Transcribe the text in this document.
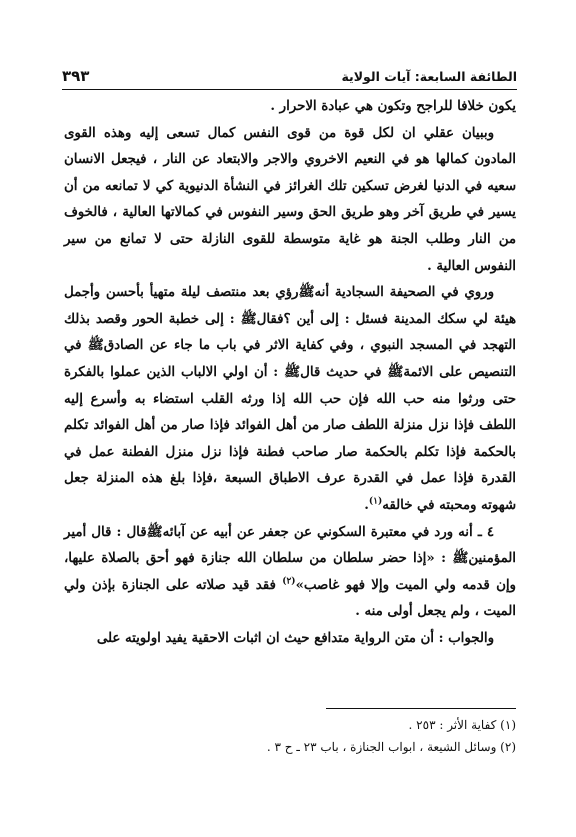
الطائفة السابعة: آيات الولاية
٣٩٣

يكون خلافا للراجح وتكون هي عبادة الاحرار .

وببيان عقلي ان لكل قوة من قوى النفس كمال تسعى إليه وهذه القوى المادون كمالها هو في النعيم الاخروي والاجر والابتعاد عن النار ، فيجعل الانسان سعيه في الدنيا لغرض تسكين تلك الغرائز في النشأة الدنيوية كي لا تمانعه من أن يسير في طريق آخر وهو طريق الحق وسير النفوس في كمالاتها العالية ، فالخوف من النار وطلب الجنة هو غاية متوسطة للقوى النازلة حتى لا تمانع من سير النفوس العالية .

وروي في الصحيفة السجادية أنهﷺرؤي بعد منتصف ليلة متهيأ بأحسن وأجمل هيئة لي سكك المدينة فسئل : إلى أين ؟فقالﷺ : إلى خطبة الحور وقصد بذلك التهجد في المسجد النبوي ، وفي كفاية الاثر في باب ما جاء عن الصادقﷺ في التنصيص على الائمةﷺ في حديث قالﷺ : أن اولي الالباب الذين عملوا بالفكرة حتى ورثوا منه حب الله فإن حب الله إذا ورثه القلب استضاء به وأسرع إليه اللطف فإذا نزل منزلة اللطف صار من أهل الفوائد فإذا صار من أهل الفوائد تكلم بالحكمة فإذا تكلم بالحكمة صار صاحب فطنة فإذا نزل منزل الفطنة عمل في القدرة فإذا عمل في القدرة عرف الاطباق السبعة ،فإذا بلغ هذه المنزلة جعل شهوته ومحبته في خالقه$^{(١)}$.

٤ ـ أنه ورد في معتبرة السكوني عن جعفر عن أبيه عن آبائهﷺقال : قال أمير المؤمنينﷺ : «إذا حضر سلطان من سلطان الله جنازة فهو أحق بالصلاة عليها، وإن قدمه ولي الميت وإلا فهو غاصب»$^{(٢)}$ فقد قيد صلاته على الجنازة بإذن ولي الميت ، ولم يجعل أولى منه .

والجواب : أن متن الرواية متدافع حيث ان اثبات الاحقية يفيد اولويته على

(١) كفاية الأثر : ٢٥٣ .

(٢) وسائل الشيعة ، ابواب الجنازة ، باب ٢٣ ـ ح ٣ .
